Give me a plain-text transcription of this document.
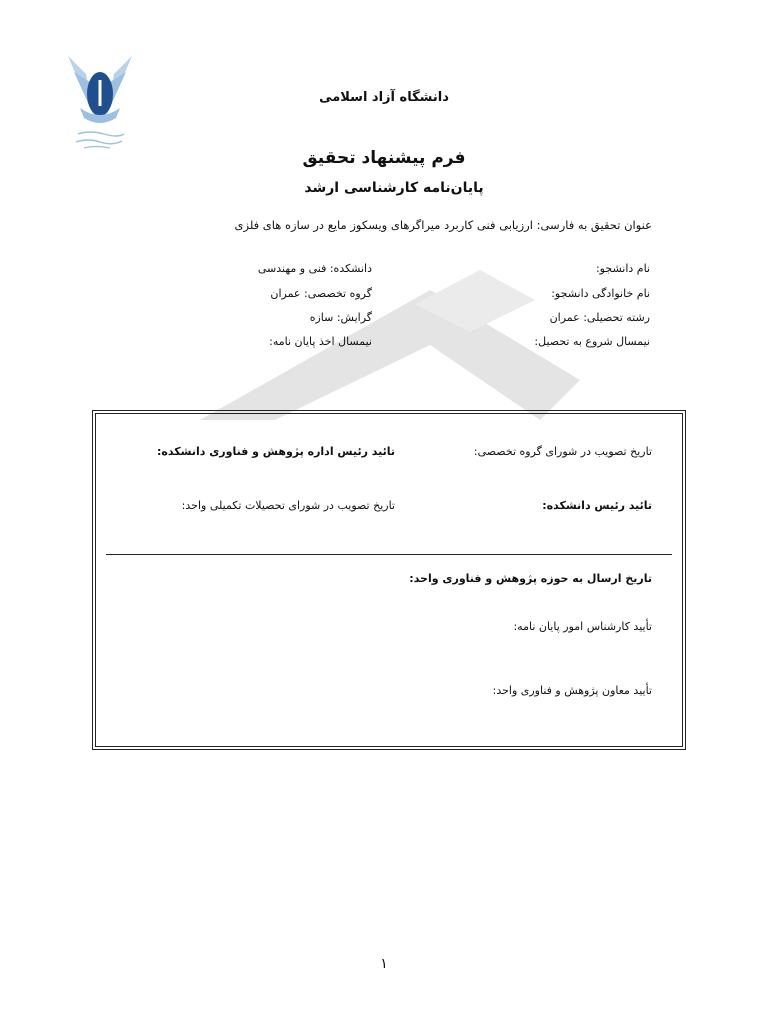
دانشگاه آزاد اسلامی
فرم پیشنهاد تحقیق
پایان‌نامه کارشناسی ارشد
عنوان تحقیق به فارسی: ارزیابی فنی کاربرد میراگرهای ویسکوز مایع در سازه های فلزی
نام دانشجو:
نام خانوادگی دانشجو:
رشته تحصیلی: عمران
نیمسال شروع به تحصیل:
دانشکده: فنی و مهندسی
گروه تخصصی: عمران
گرایش: سازه
نیمسال اخذ پایان نامه:
تاریخ تصویب در شورای گروه تخصصی:
تائید رئیس اداره پژوهش و فناوری دانشکده:
تائید رئیس دانشکده:
تاریخ تصویب در شورای تحصیلات تکمیلی واحد:
تاریخ ارسال به حوزه پژوهش و فناوری واحد:
تأیید کارشناس امور پایان نامه:
تأیید معاون پژوهش و فناوری واحد:
۱
